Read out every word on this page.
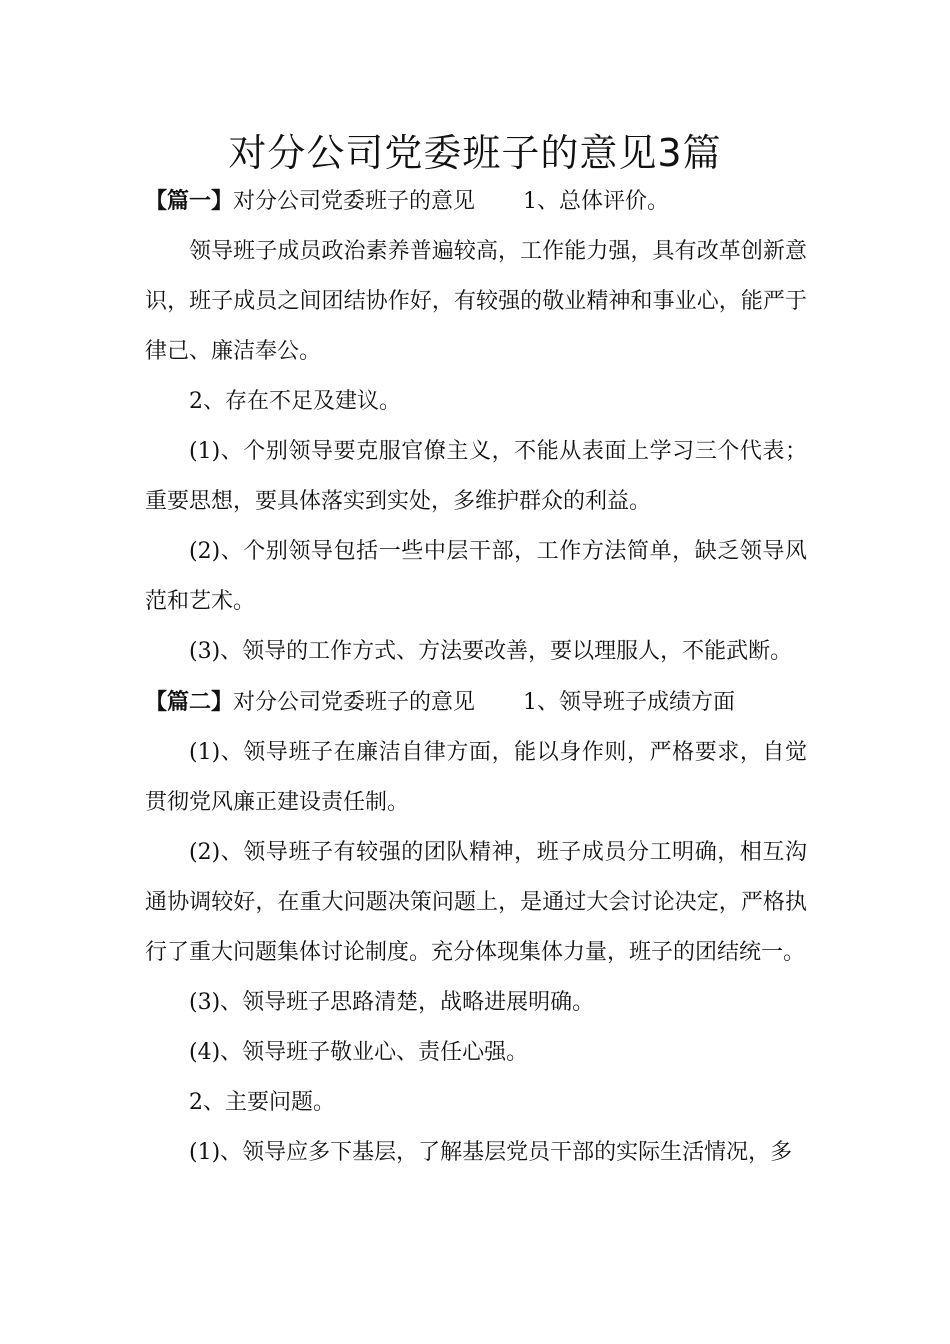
对分公司党委班子的意见3篇

【篇一】对分公司党委班子的意见 1、总体评价。

领导班子成员政治素养普遍较高，工作能力强，具有改革创新意识，班子成员之间团结协作好，有较强的敬业精神和事业心，能严于律己、廉洁奉公。

2、存在不足及建议。

(1)、个别领导要克服官僚主义，不能从表面上学习三个代表；重要思想，要具体落实到实处，多维护群众的利益。

(2)、个别领导包括一些中层干部，工作方法简单，缺乏领导风范和艺术。

(3)、领导的工作方式、方法要改善，要以理服人，不能武断。

【篇二】对分公司党委班子的意见 1、领导班子成绩方面

(1)、领导班子在廉洁自律方面，能以身作则，严格要求，自觉贯彻党风廉正建设责任制。

(2)、领导班子有较强的团队精神，班子成员分工明确，相互沟通协调较好，在重大问题决策问题上，是通过大会讨论决定，严格执行了重大问题集体讨论制度。充分体现集体力量，班子的团结统一。

(3)、领导班子思路清楚，战略进展明确。

(4)、领导班子敬业心、责任心强。

2、主要问题。

(1)、领导应多下基层，了解基层党员干部的实际生活情况，多
